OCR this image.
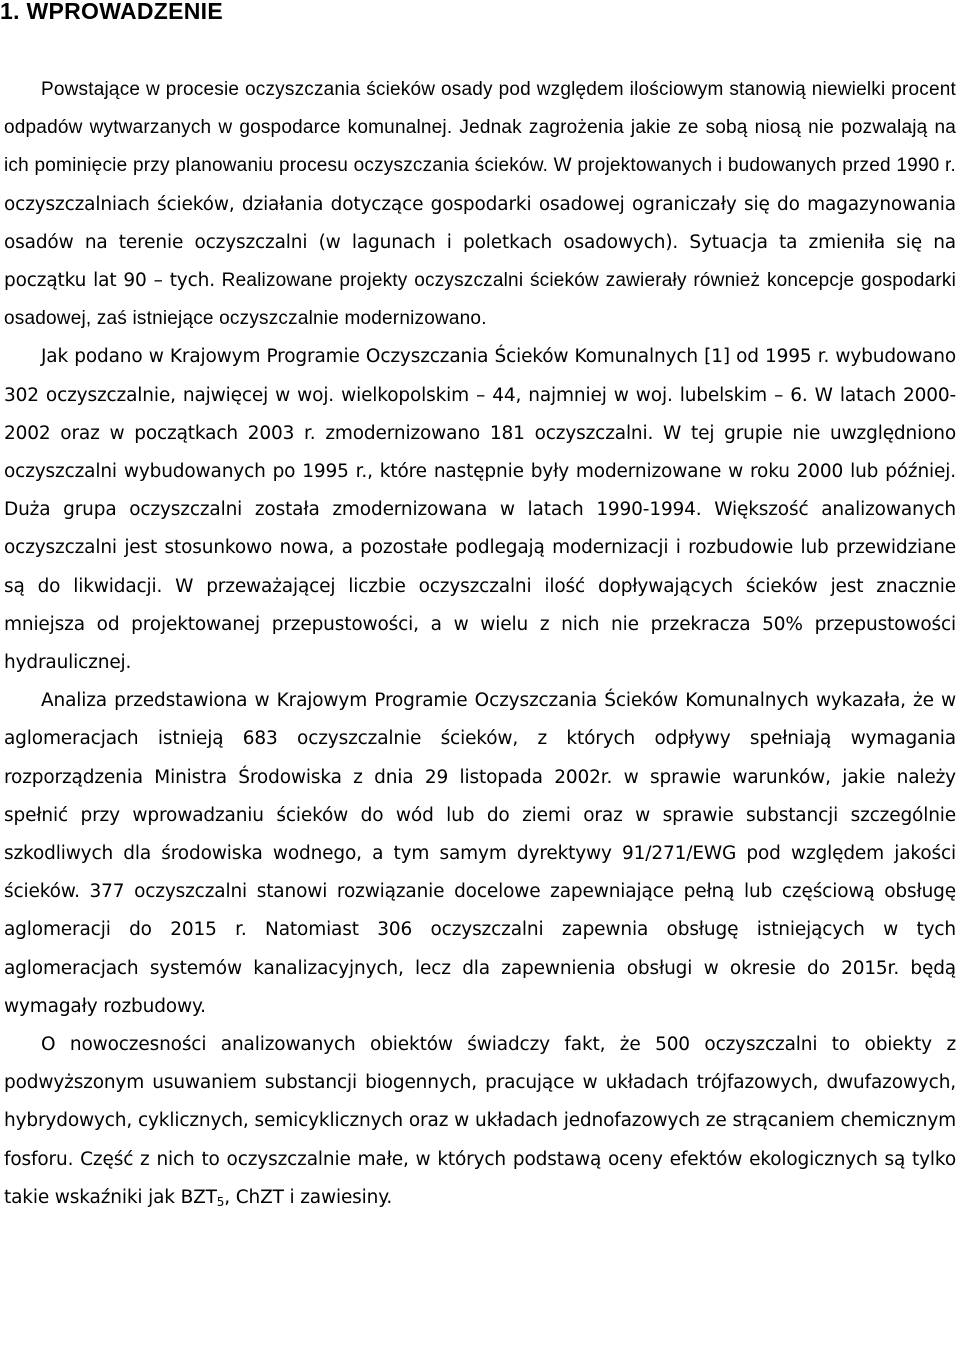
1. WPROWADZENIE

Powstające w procesie oczyszczania ścieków osady pod względem ilościowym stanowią niewielki procent odpadów wytwarzanych w gospodarce komunalnej. Jednak zagrożenia jakie ze sobą niosą nie pozwalają na ich pominięcie przy planowaniu procesu oczyszczania ścieków. W projektowanych i budowanych przed 1990 r. oczyszczalniach ścieków, działania dotyczące gospodarki osadowej ograniczały się do magazynowania osadów na terenie oczyszczalni (w lagunach i poletkach osadowych). Sytuacja ta zmieniła się na początku lat 90 – tych. Realizowane projekty oczyszczalni ścieków zawierały również koncepcje gospodarki osadowej, zaś istniejące oczyszczalnie modernizowano.

Jak podano w Krajowym Programie Oczyszczania Ścieków Komunalnych [1] od 1995 r. wybudowano 302 oczyszczalnie, najwięcej w woj. wielkopolskim – 44, najmniej w woj. lubelskim – 6. W latach 2000-2002 oraz w początkach 2003 r. zmodernizowano 181 oczyszczalni. W tej grupie nie uwzględniono oczyszczalni wybudowanych po 1995 r., które następnie były modernizowane w roku 2000 lub później. Duża grupa oczyszczalni została zmodernizowana w latach 1990-1994. Większość analizowanych oczyszczalni jest stosunkowo nowa, a pozostałe podlegają modernizacji i rozbudowie lub przewidziane są do likwidacji. W przeważającej liczbie oczyszczalni ilość dopływających ścieków jest znacznie mniejsza od projektowanej przepustowości, a w wielu z nich nie przekracza 50% przepustowości hydraulicznej.

Analiza przedstawiona w Krajowym Programie Oczyszczania Ścieków Komunalnych wykazała, że w aglomeracjach istnieją 683 oczyszczalnie ścieków, z których odpływy spełniają wymagania rozporządzenia Ministra Środowiska z dnia 29 listopada 2002r. w sprawie warunków, jakie należy spełnić przy wprowadzaniu ścieków do wód lub do ziemi oraz w sprawie substancji szczególnie szkodliwych dla środowiska wodnego, a tym samym dyrektywy 91/271/EWG pod względem jakości ścieków. 377 oczyszczalni stanowi rozwiązanie docelowe zapewniające pełną lub częściową obsługę aglomeracji do 2015 r. Natomiast 306 oczyszczalni zapewnia obsługę istniejących w tych aglomeracjach systemów kanalizacyjnych, lecz dla zapewnienia obsługi w okresie do 2015r. będą wymagały rozbudowy.

O nowoczesności analizowanych obiektów świadczy fakt, że 500 oczyszczalni to obiekty z podwyższonym usuwaniem substancji biogennych, pracujące w układach trójfazowych, dwufazowych, hybrydowych, cyklicznych, semicyklicznych oraz w układach jednofazowych ze strącaniem chemicznym fosforu. Część z nich to oczyszczalnie małe, w których podstawą oceny efektów ekologicznych są tylko takie wskaźniki jak $BZT_5$, ChZT i zawiesiny.
